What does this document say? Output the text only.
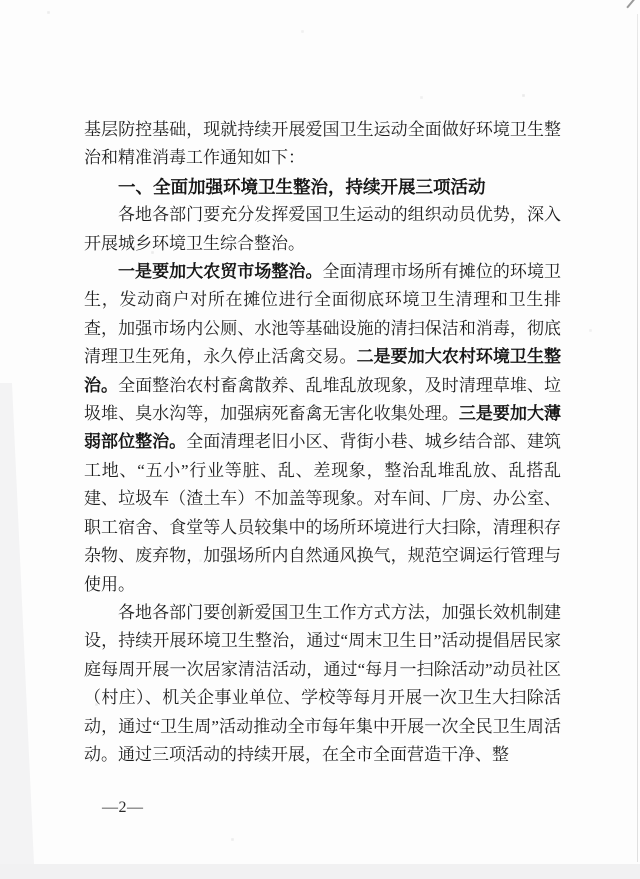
基层防控基础，现就持续开展爱国卫生运动全面做好环境卫生整治和精准消毒工作通知如下：

一、全面加强环境卫生整治，持续开展三项活动

各地各部门要充分发挥爱国卫生运动的组织动员优势，深入开展城乡环境卫生综合整治。

一是要加大农贸市场整治。全面清理市场所有摊位的环境卫生，发动商户对所在摊位进行全面彻底环境卫生清理和卫生排查，加强市场内公厕、水池等基础设施的清扫保洁和消毒，彻底清理卫生死角，永久停止活禽交易。二是要加大农村环境卫生整治。全面整治农村畜禽散养、乱堆乱放现象，及时清理草堆、垃圾堆、臭水沟等，加强病死畜禽无害化收集处理。三是要加大薄弱部位整治。全面清理老旧小区、背街小巷、城乡结合部、建筑工地、“五小”行业等脏、乱、差现象，整治乱堆乱放、乱搭乱建、垃圾车（渣土车）不加盖等现象。对车间、厂房、办公室、职工宿舍、食堂等人员较集中的场所环境进行大扫除，清理积存杂物、废弃物，加强场所内自然通风换气，规范空调运行管理与使用。

各地各部门要创新爱国卫生工作方式方法，加强长效机制建设，持续开展环境卫生整治，通过“周末卫生日”活动提倡居民家庭每周开展一次居家清洁活动，通过“每月一扫除活动”动员社区（村庄）、机关企事业单位、学校等每月开展一次卫生大扫除活动，通过“卫生周”活动推动全市每年集中开展一次全民卫生周活动。通过三项活动的持续开展，在全市全面营造干净、整

—2—
